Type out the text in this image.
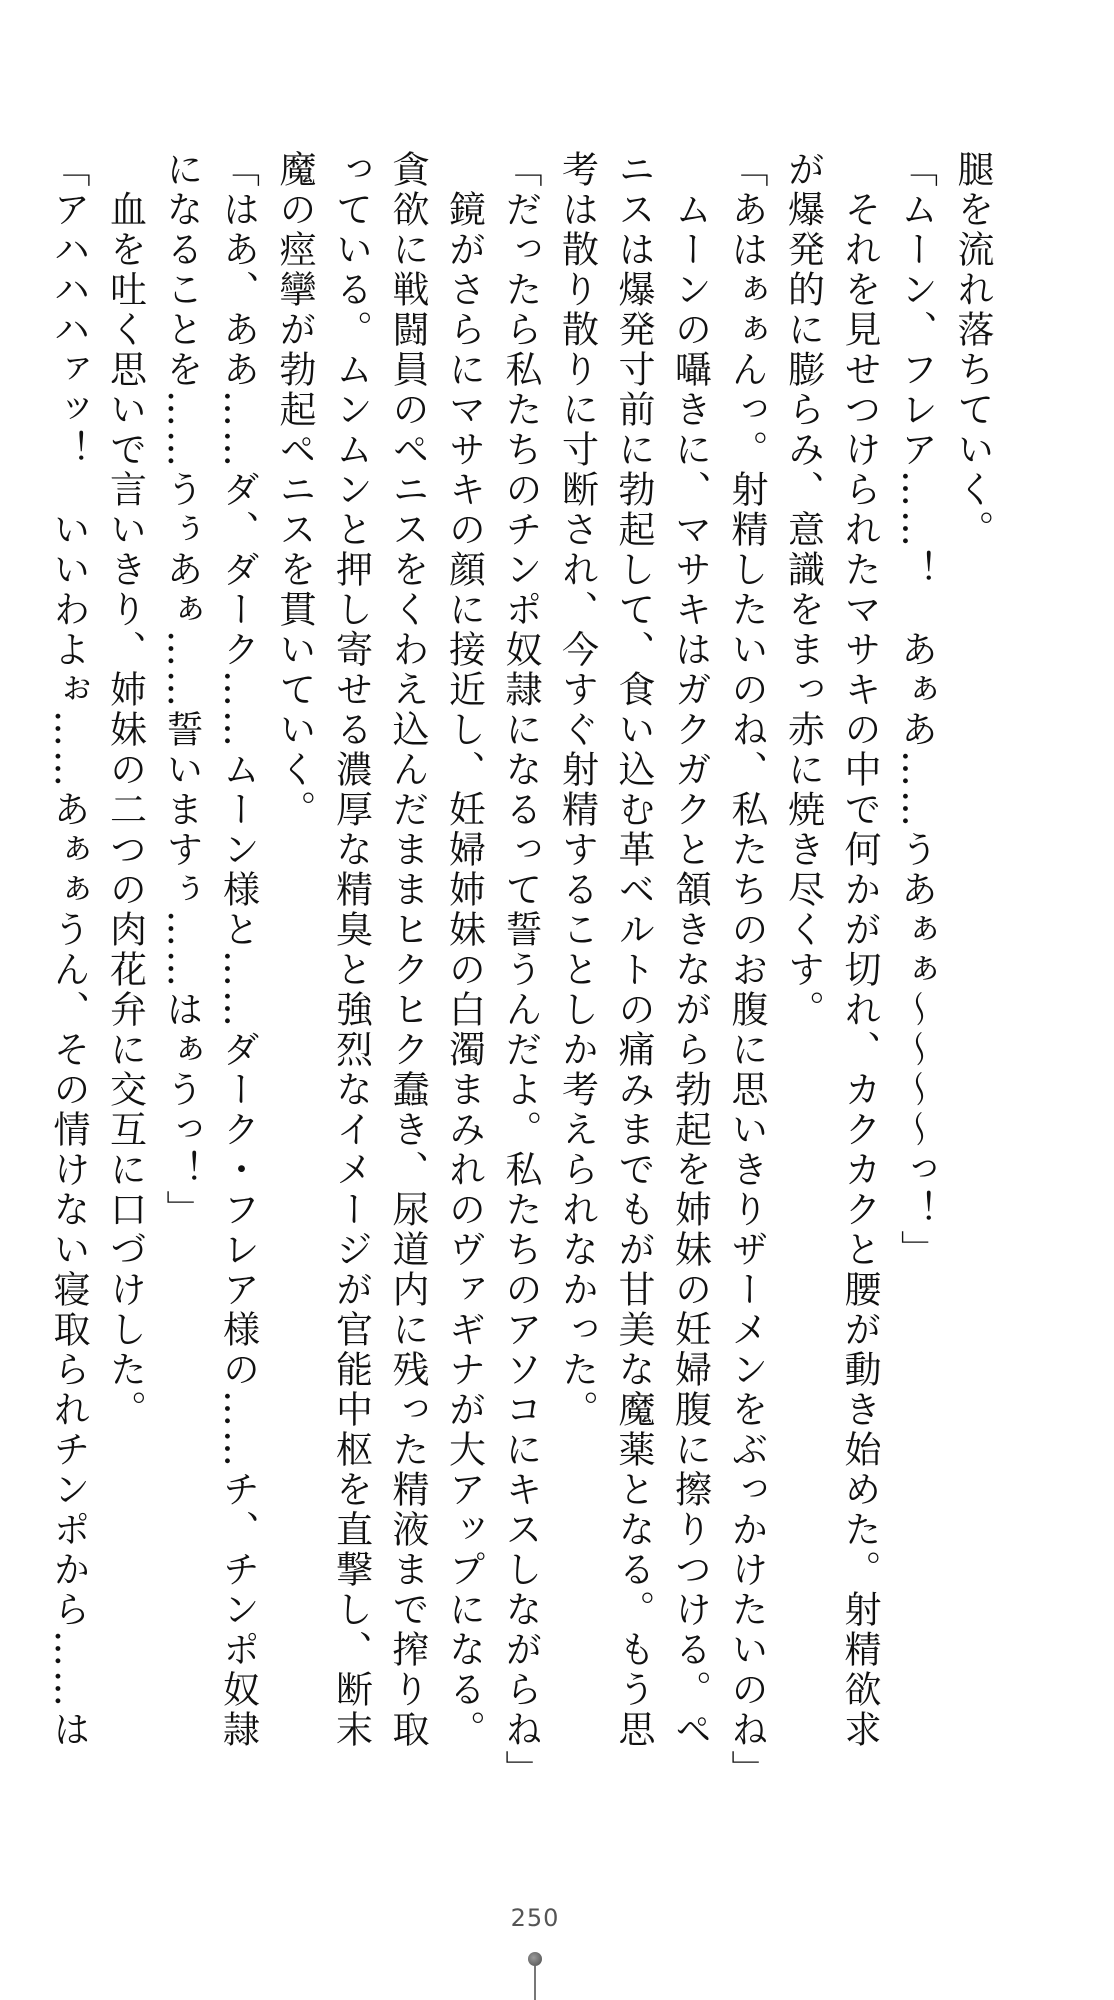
腿を流れ落ちていく。
「ムーン、フレア……！　あぁあ……うあぁぁ～～～～っ！」
　それを見せつけられたマサキの中で何かが切れ、カクカクと腰が動き始めた。射精欲求
が爆発的に膨らみ、意識をまっ赤に焼き尽くす。
「あはぁぁんっ。射精したいのね、私たちのお腹に思いきりザーメンをぶっかけたいのね」
　ムーンの囁きに、マサキはガクガクと頷きながら勃起を姉妹の妊婦腹に擦りつける。ペ
ニスは爆発寸前に勃起して、食い込む革ベルトの痛みまでもが甘美な魔薬となる。もう思
考は散り散りに寸断され、今すぐ射精することしか考えられなかった。
「だったら私たちのチンポ奴隷になるって誓うんだよ。私たちのアソコにキスしながらね」
　鏡がさらにマサキの顔に接近し、妊婦姉妹の白濁まみれのヴァギナが大アップになる。
貪欲に戦闘員のペニスをくわえ込んだままヒクヒク蠢き、尿道内に残った精液まで搾り取
っている。ムンムンと押し寄せる濃厚な精臭と強烈なイメージが官能中枢を直撃し、断末
魔の痙攣が勃起ペニスを貫いていく。
「はあ、ああ……ダ、ダーク……ムーン様と……ダーク・フレア様の……チ、チンポ奴隷
になることを……うぅあぁ……誓いますぅ……はぁうっ！」
　血を吐く思いで言いきり、姉妹の二つの肉花弁に交互に口づけした。
「アハハハァッ！　いいわよぉ……あぁぁうん、その情けない寝取られチンポから……は
250
